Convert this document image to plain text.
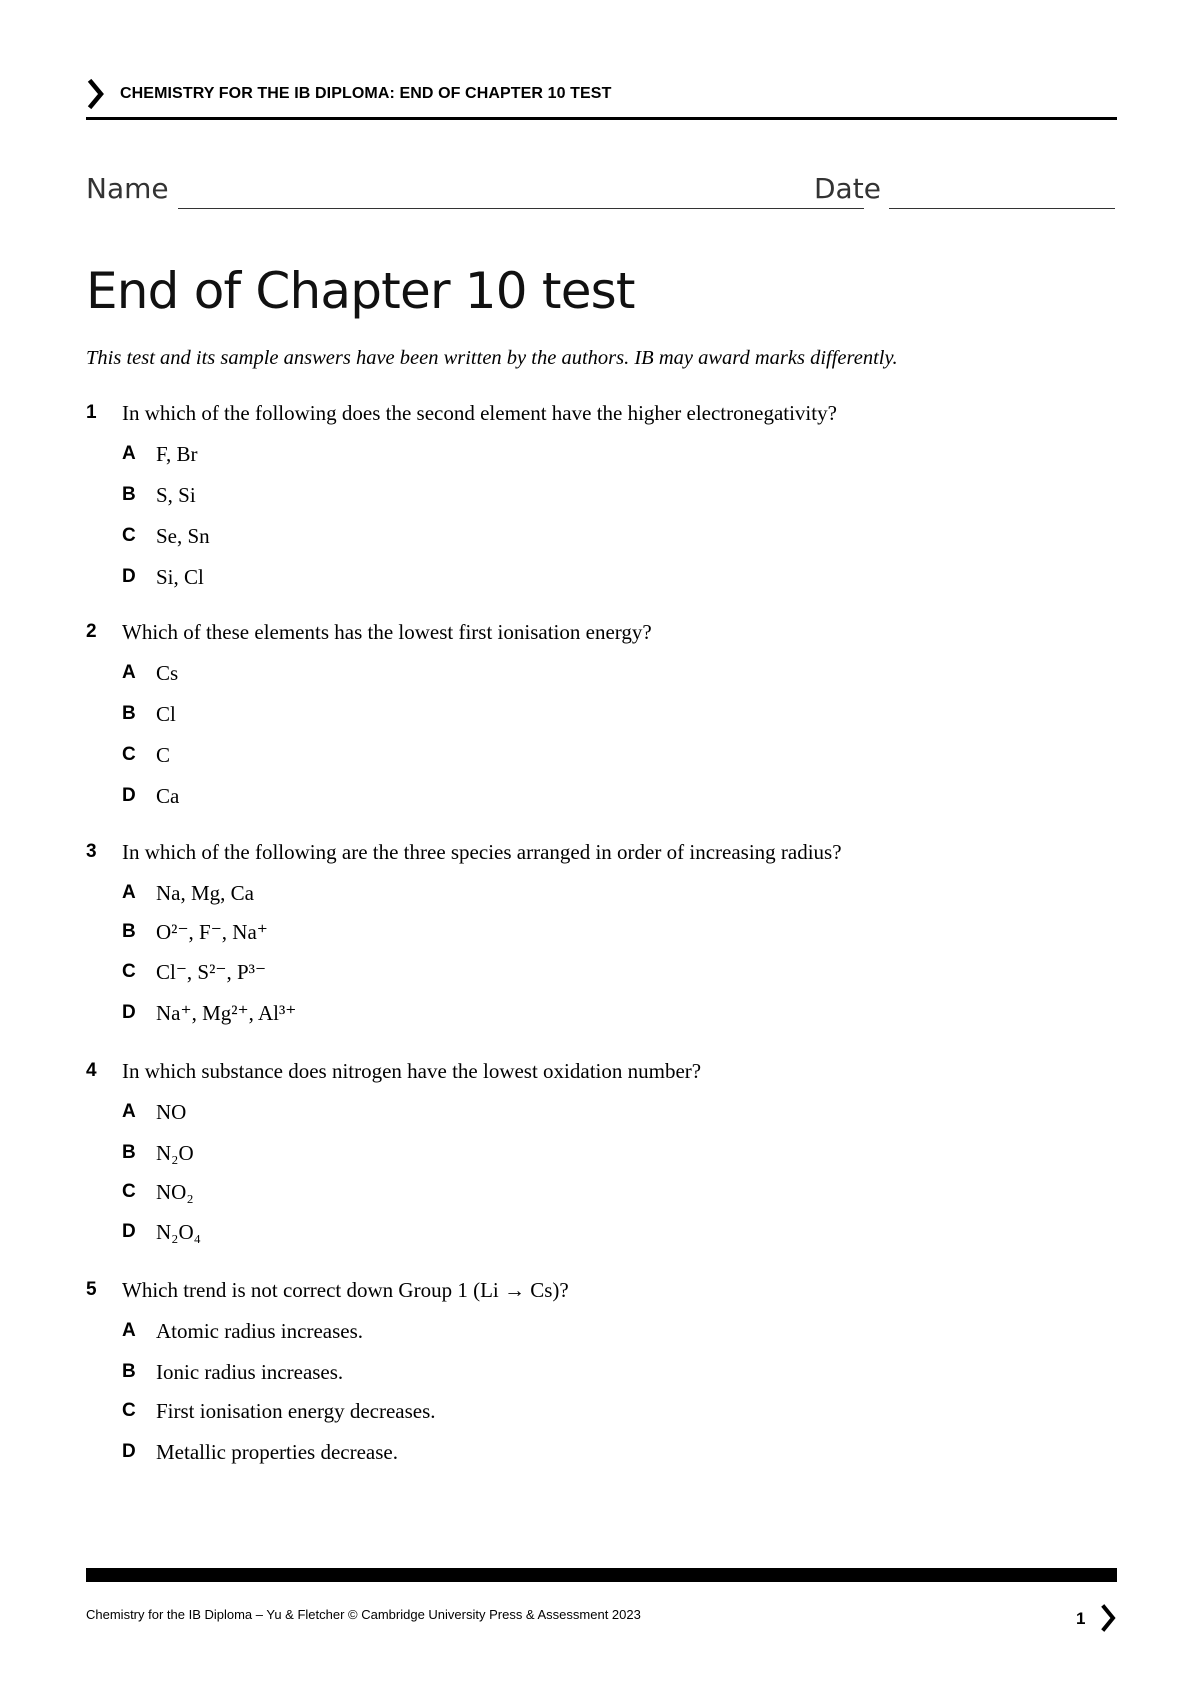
CHEMISTRY FOR THE IB DIPLOMA: END OF CHAPTER 10 TEST
Name	Date
End of Chapter 10 test
This test and its sample answers have been written by the authors. IB may award marks differently.
1 In which of the following does the second element have the higher electronegativity?
A F, Br
B S, Si
C Se, Sn
D Si, Cl
2 Which of these elements has the lowest first ionisation energy?
A Cs
B Cl
C C
D Ca
3 In which of the following are the three species arranged in order of increasing radius?
A Na, Mg, Ca
B O²⁻, F⁻, Na⁺
C Cl⁻, S²⁻, P³⁻
D Na⁺, Mg²⁺, Al³⁺
4 In which substance does nitrogen have the lowest oxidation number?
A NO
B N₂O
C NO₂
D N₂O₄
5 Which trend is not correct down Group 1 (Li → Cs)?
A Atomic radius increases.
B Ionic radius increases.
C First ionisation energy decreases.
D Metallic properties decrease.
Chemistry for the IB Diploma – Yu & Fletcher © Cambridge University Press & Assessment 2023	1
